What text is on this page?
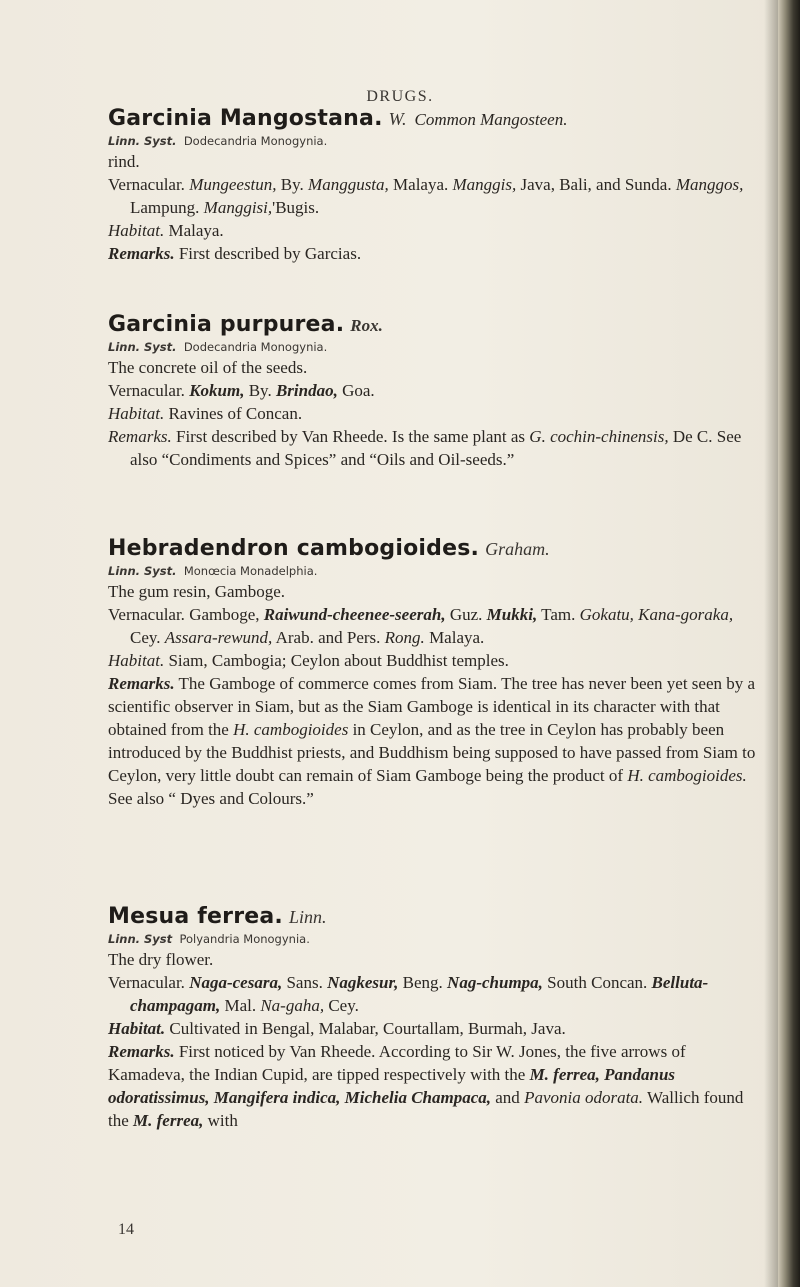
DRUGS.
Garcinia Mangostana. W. Common Mangosteen.
Linn. Syst. Dodecandria Monogynia.
rind.
Vernacular. Mungeestun, By. Manggusta, Malaya. Manggis, Java, Bali, and Sunda. Manggos, Lampung. Manggisi,'Bugis.
Habitat. Malaya.
Remarks. First described by Garcias.
Garcinia purpurea. Rox.
Linn. Syst. Dodecandria Monogynia.
The concrete oil of the seeds.
Vernacular. Kokum, By. Brindao, Goa.
Habitat. Ravines of Concan.
Remarks. First described by Van Rheede. Is the same plant as G. cochin-chinensis, De C. See also “Condiments and Spices” and “Oils and Oil-seeds.”
Hebradendron cambogioides. Graham.
Linn. Syst. Monœcia Monadelphia.
The gum resin, Gamboge.
Vernacular. Gamboge, Raiwund-cheenee-seerah, Guz. Mukki, Tam. Gokatu, Kana-goraka, Cey. Assara-rewund, Arab. and Pers. Rong. Malaya.
Habitat. Siam, Cambogia; Ceylon about Buddhist temples.
Remarks. The Gamboge of commerce comes from Siam. The tree has never been yet seen by a scientific observer in Siam, but as the Siam Gamboge is identical in its character with that obtained from the H. cambogioides in Ceylon, and as the tree in Ceylon has probably been introduced by the Buddhist priests, and Buddhism being supposed to have passed from Siam to Ceylon, very little doubt can remain of Siam Gamboge being the product of H. cambogioides. See also “ Dyes and Colours.”
Mesua ferrea. Linn.
Linn. Syst Polyandria Monogynia.
The dry flower.
Vernacular. Naga-cesara, Sans. Nagkesur, Beng. Nag-chumpa, South Concan. Belluta-champagam, Mal. Na-gaha, Cey.
Habitat. Cultivated in Bengal, Malabar, Courtallam, Burmah, Java.
Remarks. First noticed by Van Rheede. According to Sir W. Jones, the five arrows of Kamadeva, the Indian Cupid, are tipped respectively with the M. ferrea, Pandanus odoratissimus, Mangifera indica, Michelia Champaca, and Pavonia odorata. Wallich found the M. ferrea, with
14
